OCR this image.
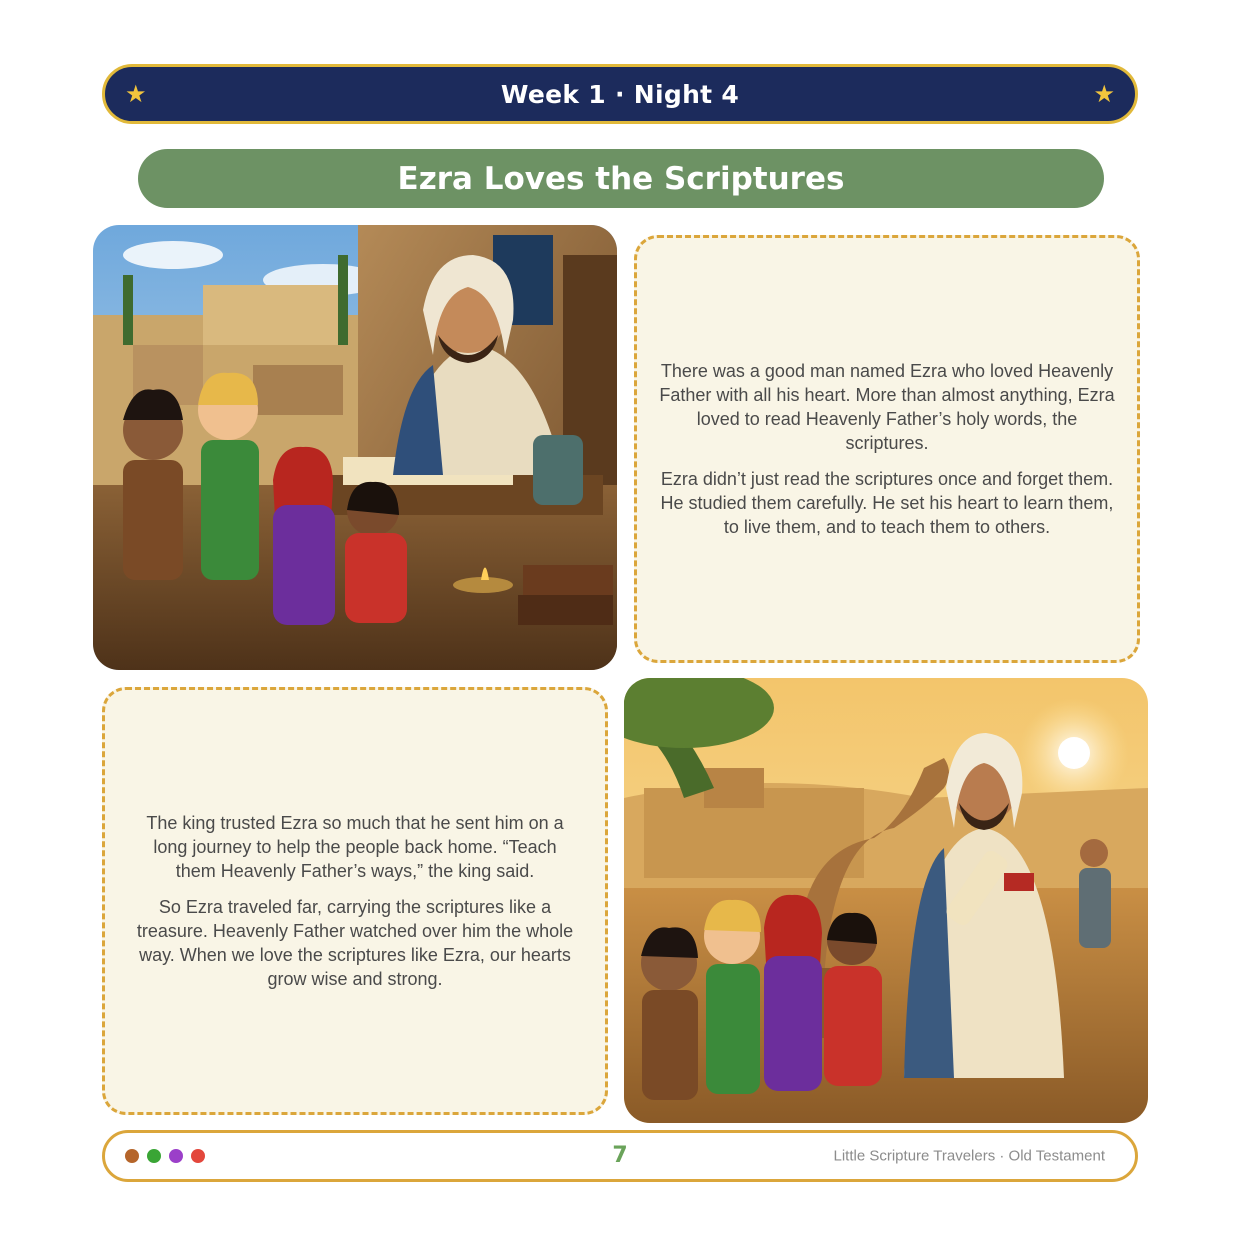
★	Week 1 · Night 4	★
Ezra Loves the Scriptures

There was a good man named Ezra who loved Heavenly Father with all his heart. More than almost anything, Ezra loved to read Heavenly Father’s holy words, the scriptures.

Ezra didn’t just read the scriptures once and forget them. He studied them carefully. He set his heart to learn them, to live them, and to teach them to others.

The king trusted Ezra so much that he sent him on a long journey to help the people back home. “Teach them Heavenly Father’s ways,” the king said.

So Ezra traveled far, carrying the scriptures like a treasure. Heavenly Father watched over him the whole way. When we love the scriptures like Ezra, our hearts grow wise and strong.

7	Little Scripture Travelers · Old Testament
